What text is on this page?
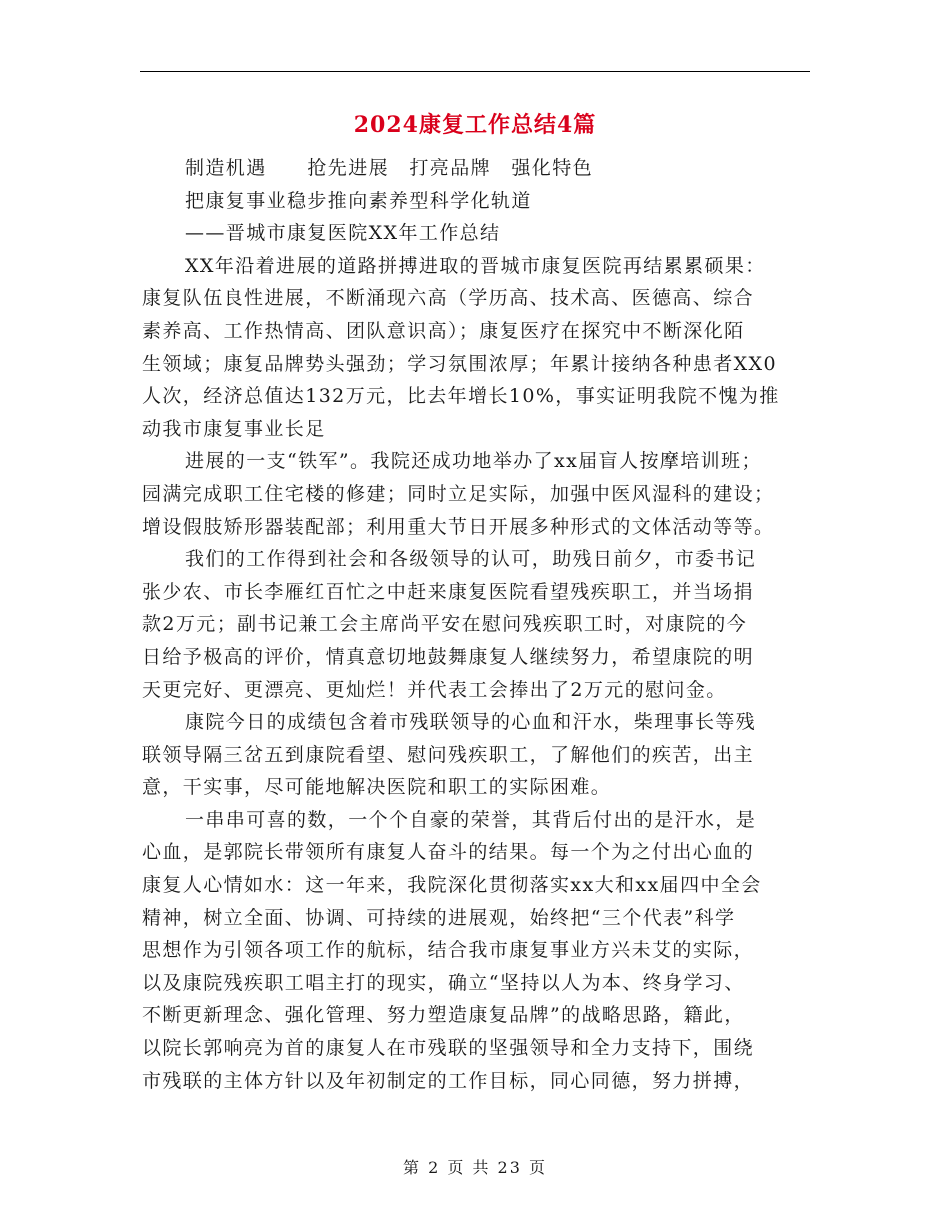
2024康复工作总结4篇
制造机遇　　抢先进展　打亮品牌　强化特色
把康复事业稳步推向素养型科学化轨道
——晋城市康复医院XX年工作总结
XX年沿着进展的道路拼搏进取的晋城市康复医院再结累累硕果：
康复队伍良性进展，不断涌现六高（学历高、技术高、医德高、综合
素养高、工作热情高、团队意识高）；康复医疗在探究中不断深化陌
生领域；康复品牌势头强劲；学习氛围浓厚；年累计接纳各种患者XX0
人次，经济总值达132万元，比去年增长10%，事实证明我院不愧为推
动我市康复事业长足
进展的一支“铁军”。我院还成功地举办了xx届盲人按摩培训班；
园满完成职工住宅楼的修建；同时立足实际，加强中医风湿科的建设；
增设假肢矫形器装配部；利用重大节日开展多种形式的文体活动等等。
我们的工作得到社会和各级领导的认可，助残日前夕，市委书记
张少农、市长李雁红百忙之中赶来康复医院看望残疾职工，并当场捐
款2万元；副书记兼工会主席尚平安在慰问残疾职工时，对康院的今
日给予极高的评价，情真意切地鼓舞康复人继续努力，希望康院的明
天更完好、更漂亮、更灿烂！并代表工会捧出了2万元的慰问金。
康院今日的成绩包含着市残联领导的心血和汗水，柴理事长等残
联领导隔三岔五到康院看望、慰问残疾职工，了解他们的疾苦，出主
意，干实事，尽可能地解决医院和职工的实际困难。
一串串可喜的数，一个个自豪的荣誉，其背后付出的是汗水，是
心血，是郭院长带领所有康复人奋斗的结果。每一个为之付出心血的
康复人心情如水：这一年来，我院深化贯彻落实xx大和xx届四中全会
精神，树立全面、协调、可持续的进展观，始终把“三个代表”科学
思想作为引领各项工作的航标，结合我市康复事业方兴未艾的实际，
以及康院残疾职工唱主打的现实，确立“坚持以人为本、终身学习、
不断更新理念、强化管理、努力塑造康复品牌”的战略思路，籍此，
以院长郭响亮为首的康复人在市残联的坚强领导和全力支持下，围绕
市残联的主体方针以及年初制定的工作目标，同心同德，努力拼搏，
第 2 页 共 23 页
